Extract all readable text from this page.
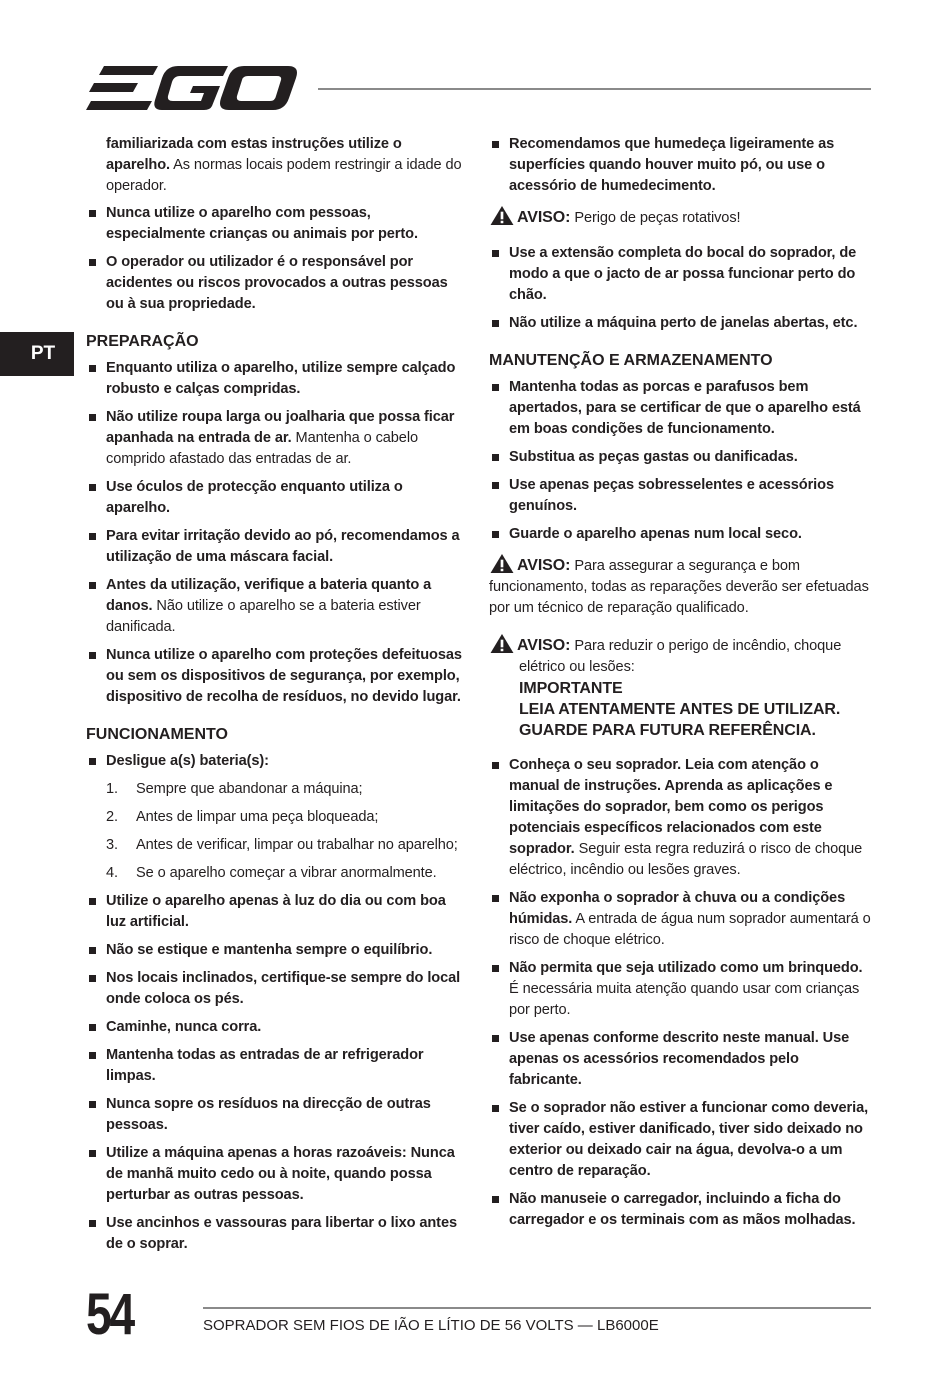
PT

familiarizada com estas instruções utilize o aparelho. As normas locais podem restringir a idade do operador.

Nunca utilize o aparelho com pessoas, especialmente crianças ou animais por perto.
O operador ou utilizador é o responsável por acidentes ou riscos provocados a outras pessoas ou à sua propriedade.
PREPARAÇÃO
Enquanto utiliza o aparelho, utilize sempre calçado robusto e calças compridas.
Não utilize roupa larga ou joalharia que possa ficar apanhada na entrada de ar. Mantenha o cabelo comprido afastado das entradas de ar.
Use óculos de protecção enquanto utiliza o aparelho.
Para evitar irritação devido ao pó, recomendamos a utilização de uma máscara facial.
Antes da utilização, verifique a bateria quanto a danos. Não utilize o aparelho se a bateria estiver danificada.
Nunca utilize o aparelho com proteções defeituosas ou sem os dispositivos de segurança, por exemplo, dispositivo de recolha de resíduos, no devido lugar.
FUNCIONAMENTO
Desligue a(s) bateria(s):
1. Sempre que abandonar a máquina;
2. Antes de limpar uma peça bloqueada;
3. Antes de verificar, limpar ou trabalhar no aparelho;
4. Se o aparelho começar a vibrar anormalmente.
Utilize o aparelho apenas à luz do dia ou com boa luz artificial.
Não se estique e mantenha sempre o equilíbrio.
Nos locais inclinados, certifique-se sempre do local onde coloca os pés.
Caminhe, nunca corra.
Mantenha todas as entradas de ar refrigerador limpas.
Nunca sopre os resíduos na direcção de outras pessoas.
Utilize a máquina apenas a horas razoáveis: Nunca de manhã muito cedo ou à noite, quando possa perturbar as outras pessoas.
Use ancinhos e vassouras para libertar o lixo antes de o soprar.
Recomendamos que humedeça ligeiramente as superfícies quando houver muito pó, ou use o acessório de humedecimento.
AVISO: Perigo de peças rotativos!
Use a extensão completa do bocal do soprador, de modo a que o jacto de ar possa funcionar perto do chão.
Não utilize a máquina perto de janelas abertas, etc.
MANUTENÇÃO E ARMAZENAMENTO
Mantenha todas as porcas e parafusos bem apertados, para se certificar de que o aparelho está em boas condições de funcionamento.
Substitua as peças gastas ou danificadas.
Use apenas peças sobresselentes e acessórios genuínos.
Guarde o aparelho apenas num local seco.
AVISO: Para assegurar a segurança e bom funcionamento, todas as reparações deverão ser efetuadas por um técnico de reparação qualificado.
AVISO: Para reduzir o perigo de incêndio, choque
elétrico ou lesões:
IMPORTANTE
LEIA ATENTAMENTE ANTES DE UTILIZAR.
GUARDE PARA FUTURA REFERÊNCIA.
Conheça o seu soprador. Leia com atenção o manual de instruções. Aprenda as aplicações e limitações do soprador, bem como os perigos potenciais específicos relacionados com este soprador. Seguir esta regra reduzirá o risco de choque eléctrico, incêndio ou lesões graves.
Não exponha o soprador à chuva ou a condições húmidas. A entrada de água num soprador aumentará o risco de choque elétrico.
Não permita que seja utilizado como um brinquedo. É necessária muita atenção quando usar com crianças por perto.
Use apenas conforme descrito neste manual. Use apenas os acessórios recomendados pelo fabricante.
Se o soprador não estiver a funcionar como deveria, tiver caído, estiver danificado, tiver sido deixado no exterior ou deixado cair na água, devolva-o a um centro de reparação.
Não manuseie o carregador, incluindo a ficha do carregador e os terminais com as mãos molhadas.
54	SOPRADOR SEM FIOS DE IÃO E LÍTIO DE 56 VOLTS — LB6000E
